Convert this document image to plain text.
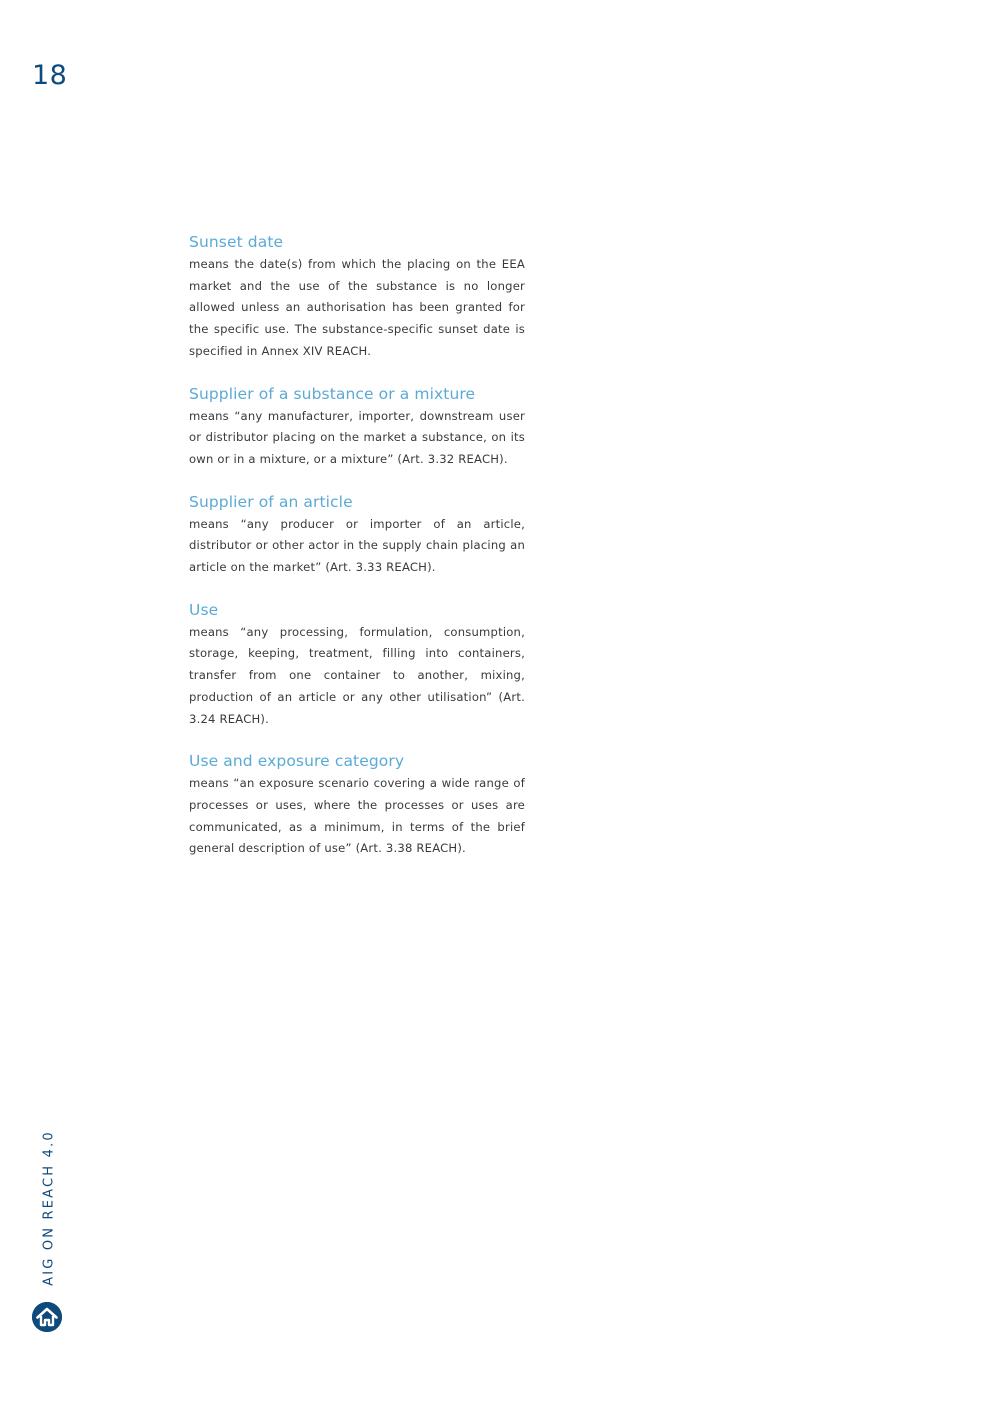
18
Sunset date

means the date(s) from which the placing on the EEA market and the use of the substance is no longer allowed unless an authorisation has been granted for the specific use. The substance-specific sunset date is specified in Annex XIV REACH.

Supplier of a substance or a mixture

means “any manufacturer, importer, downstream user or distributor placing on the market a substance, on its own or in a mixture, or a mixture” (Art. 3.32 REACH).

Supplier of an article

means “any producer or importer of an article, distributor or other actor in the supply chain placing an article on the market” (Art. 3.33 REACH).

Use

means “any processing, formulation, consumption, storage, keeping, treatment, filling into containers, transfer from one container to another, mixing, production of an article or any other utilisation” (Art. 3.24 REACH).

Use and exposure category

means “an exposure scenario covering a wide range of processes or uses, where the processes or uses are communicated, as a minimum, in terms of the brief general description of use” (Art. 3.38 REACH).

AIG ON REACH 4.0
